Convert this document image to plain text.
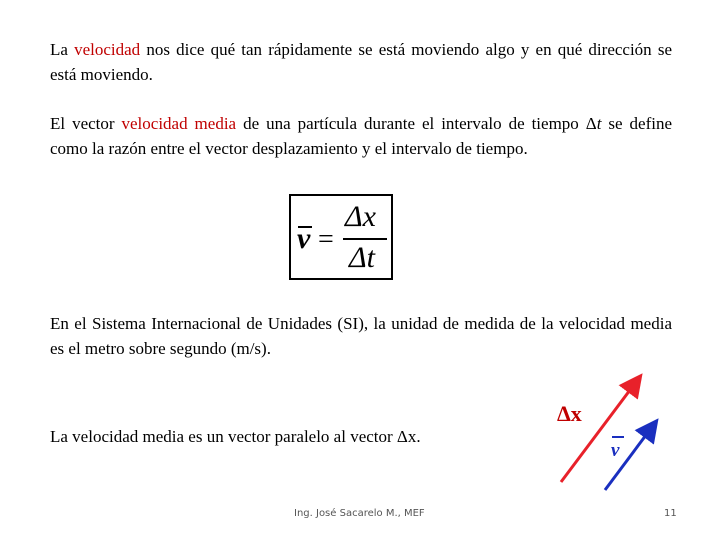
La velocidad nos dice qué tan rápidamente se está moviendo algo y en qué dirección se está moviendo.

El vector velocidad media de una partícula durante el intervalo de tiempo Δt se define como la razón entre el vector desplazamiento y el intervalo de tiempo.

v =
Δx
Δt

En el Sistema Internacional de Unidades (SI), la unidad de medida de la velocidad media es el metro sobre segundo (m/s).

La velocidad media es un vector paralelo al vector Δx.

Δx
v
Ing. José Sacarelo M., MEF	11
